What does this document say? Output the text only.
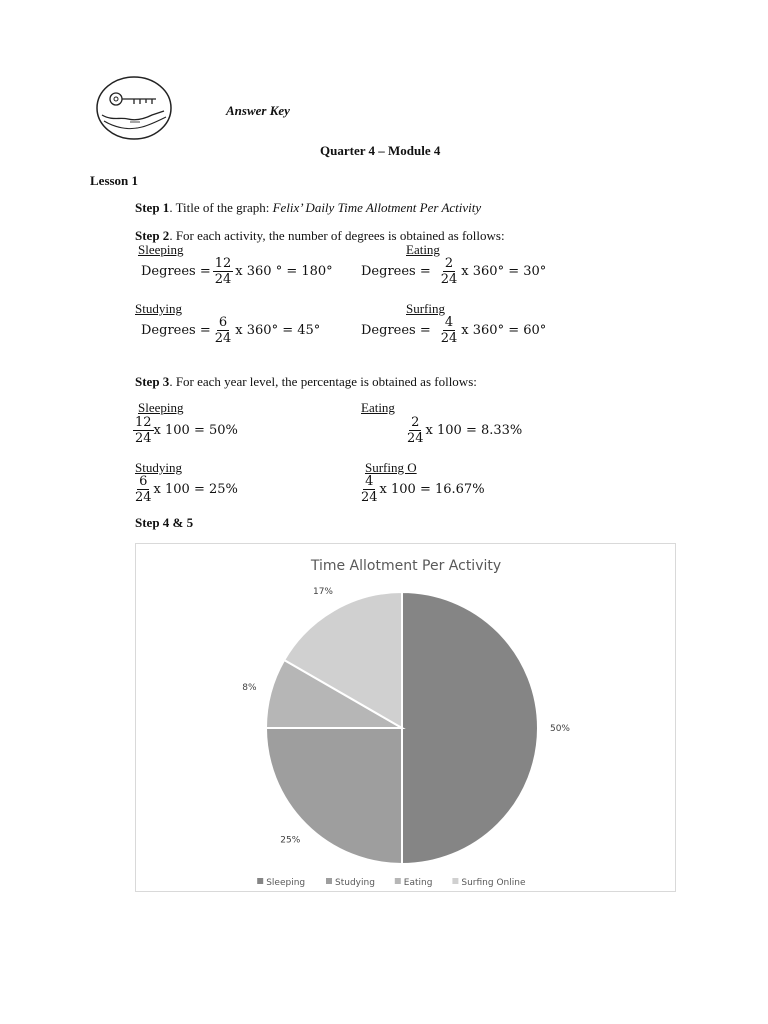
Answer Key
Quarter 4 – Module 4
Lesson 1
Step 1. Title of the graph: Felix’ Daily Time Allotment Per Activity
Step 2. For each activity, the number of degrees is obtained as follows:
Sleeping
Degrees = $\frac{12}{24}$ x 360 ° = 180°
Eating
Degrees = $\frac{2}{24}$ x 360° = 30°
Studying
Degrees = $\frac{6}{24}$ x 360° = 45°
Surfing
Degrees = $\frac{4}{24}$ x 360° = 60°
Step 3. For each year level, the percentage is obtained as follows:
Sleeping
$\frac{12}{24}$ x 100 = 50%
Eating
$\frac{2}{24}$ x 100 = 8.33%
Studying
$\frac{6}{24}$ x 100 = 25%
Surfing O
$\frac{4}{24}$ x 100 = 16.67%
Step 4 & 5
Time Allotment Per Activity
50%
25%
8%
17%
Sleeping	Studying	Eating	Surfing Online
